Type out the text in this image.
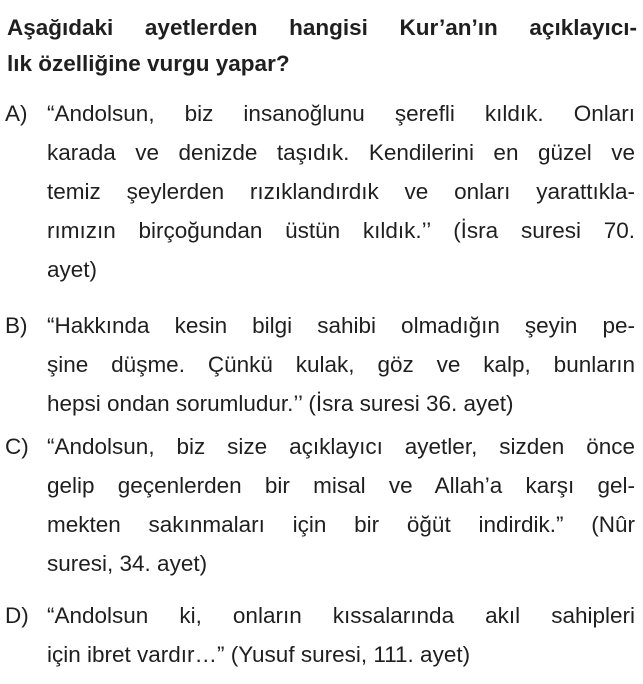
Aşağıdaki ayetlerden hangisi Kur’an’ın açıklayıcı-
lık özelliğine vurgu yapar?
A) “Andolsun, biz insanoğlunu şerefli kıldık. Onları
karada ve denizde taşıdık. Kendilerini en güzel ve
temiz şeylerden rızıklandırdık ve onları yarattıkla-
rımızın birçoğundan üstün kıldık.’’ (İsra suresi 70.
ayet)
B) “Hakkında kesin bilgi sahibi olmadığın şeyin pe-
şine düşme. Çünkü kulak, göz ve kalp, bunların
hepsi ondan sorumludur.’’ (İsra suresi 36. ayet)
C) “Andolsun, biz size açıklayıcı ayetler, sizden önce
gelip geçenlerden bir misal ve Allah’a karşı gel-
mekten sakınmaları için bir öğüt indirdik.” (Nûr
suresi, 34. ayet)
D) “Andolsun ki, onların kıssalarında akıl sahipleri
için ibret vardır…” (Yusuf suresi, 111. ayet)
